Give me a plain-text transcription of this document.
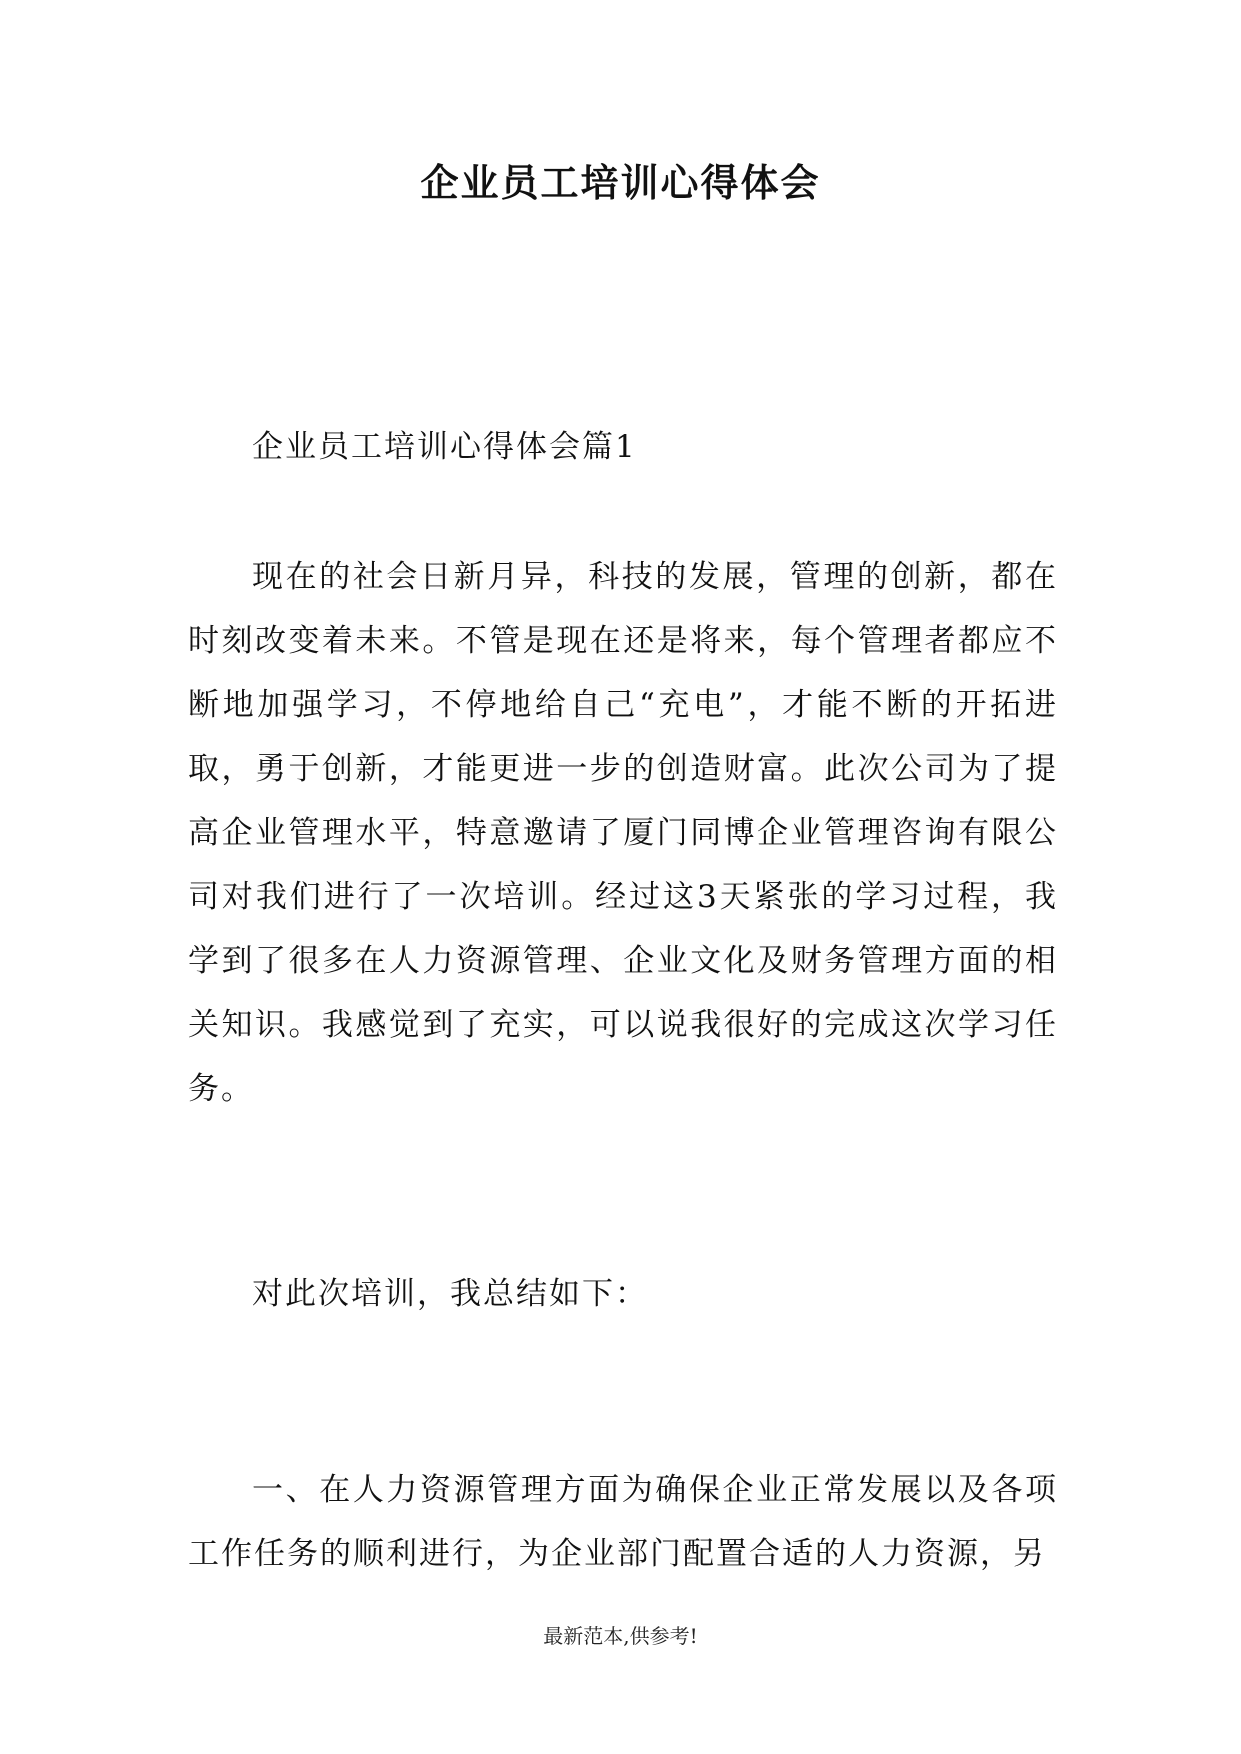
企业员工培训心得体会

企业员工培训心得体会篇1

现在的社会日新月异，科技的发展，管理的创新，都在时刻改变着未来。不管是现在还是将来，每个管理者都应不断地加强学习，不停地给自己“充电”，才能不断的开拓进取，勇于创新，才能更进一步的创造财富。此次公司为了提高企业管理水平，特意邀请了厦门同博企业管理咨询有限公司对我们进行了一次培训。经过这3天紧张的学习过程，我学到了很多在人力资源管理、企业文化及财务管理方面的相关知识。我感觉到了充实，可以说我很好的完成这次学习任务。

对此次培训，我总结如下：

一、在人力资源管理方面为确保企业正常发展以及各项工作任务的顺利进行，为企业部门配置合适的人力资源，另

最新范本,供参考!
